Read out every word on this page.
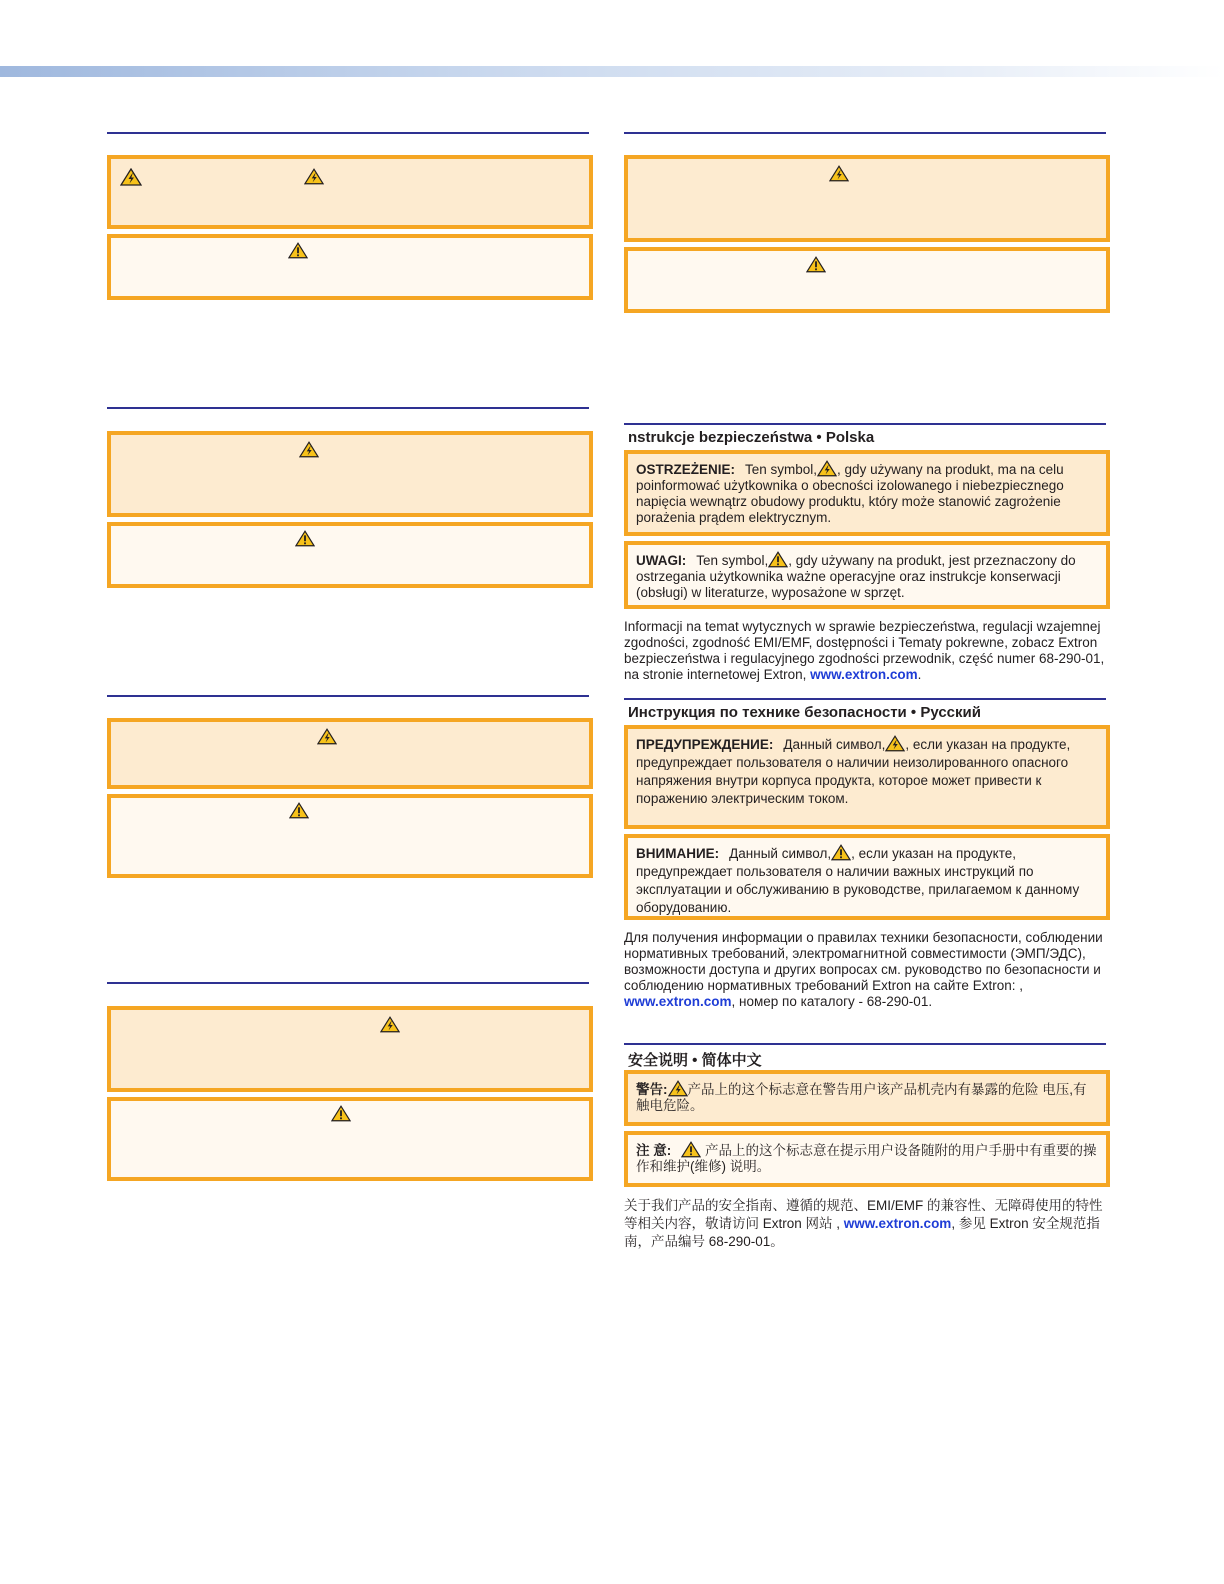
nstrukcje bezpieczeństwa • Polska
OSTRZEŻENIE: Ten symbol, , gdy używany na produkt, ma na celu poinformować użytkownika o obecności izolowanego i niebezpiecznego napięcia wewnątrz obudowy produktu, który może stanowić zagrożenie porażenia prądem elektrycznym.
UWAGI: Ten symbol, , gdy używany na produkt, jest przeznaczony do ostrzegania użytkownika ważne operacyjne oraz instrukcje konserwacji (obsługi) w literaturze, wyposażone w sprzęt.

Informacji na temat wytycznych w sprawie bezpieczeństwa, regulacji wzajemnej zgodności, zgodność EMI/EMF, dostępności i Tematy pokrewne, zobacz Extron bezpieczeństwa i regulacyjnego zgodności przewodnik, część numer 68-290-01, na stronie internetowej Extron, www.extron.com.

Инструкция по технике безопасности • Русский
ПРЕДУПРЕЖДЕНИЕ: Данный символ, , если указан на продукте, предупреждает пользователя о наличии неизолированного опасного напряжения внутри корпуса продукта, которое может привести к поражению электрическим током.
ВНИМАНИЕ: Данный символ, , если указан на продукте, предупреждает пользователя о наличии важных инструкций по эксплуатации и обслуживанию в руководстве, прилагаемом к данному оборудованию.

Для получения информации о правилах техники безопасности, соблюдении нормативных требований, электромагнитной совместимости (ЭМП/ЭДС), возможности доступа и других вопросах см. руководство по безопасности и соблюдению нормативных требований Extron на сайте Extron: , www.extron.com, номер по каталогу - 68-290-01.

安全说明 • 简体中文
警告: 产品上的这个标志意在警告用户该产品机壳内有暴露的危险 电压,有触电危险。
注 意:	产品上的这个标志意在提示用户设备随附的用户手册中有重要的操作和维护(维修) 说明。

关于我们产品的安全指南、遵循的规范、EMI/EMF 的兼容性、无障碍使用的特性等相关内容，敬请访问 Extron 网站 , www.extron.com, 参见 Extron 安全规范指南，产品编号 68-290-01。
